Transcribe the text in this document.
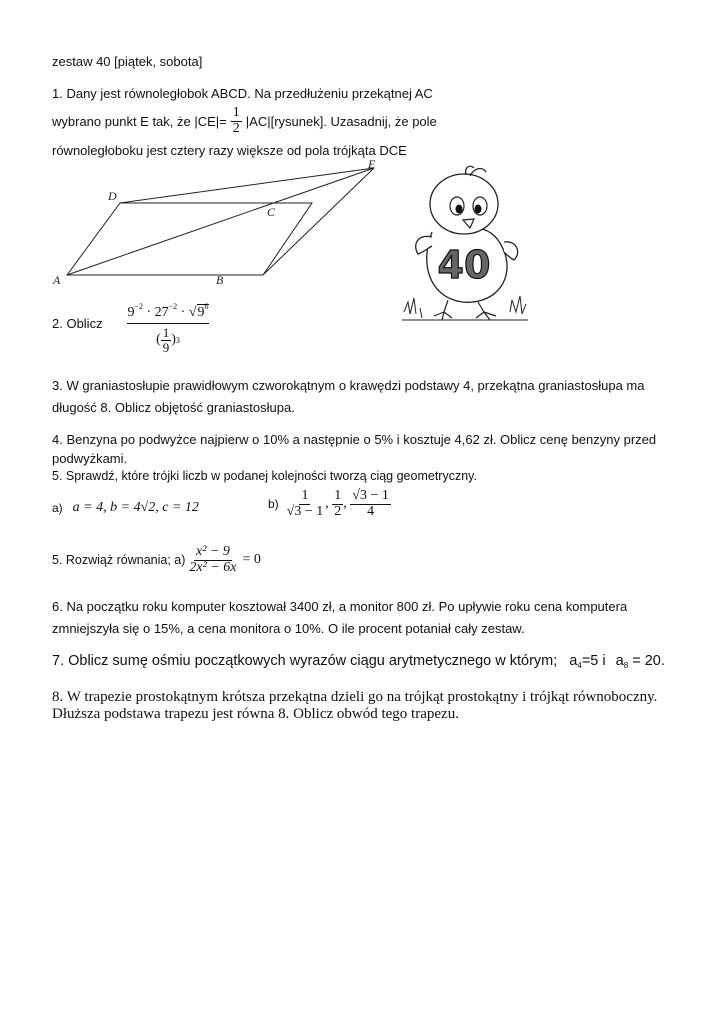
zestaw 40 [piątek, sobota]
1. Dany jest równoległobok ABCD. Na przedłużeniu przekątnej AC
wybrano punkt E tak, że $|CE|= \frac{1}{2}$ |AC|[rysunek]. Uzasadnij, że pole
równoległoboku jest cztery razy większe od pola trójkąta DCE
D
C
E
A	B	40
2. Oblicz $\frac{9^{-2} \cdot 27^{-2} \cdot √9^6}{( \frac{1}{9} ) 3}$
3. W graniastosłupie prawidłowym czworokątnym o krawędzi podstawy 4, przekątna graniastosłupa ma
długość 8. Oblicz objętość graniastosłupa.
4. Benzyna po podwyżce najpierw o 10% a następnie o 5% i kosztuje 4,62 zł. Oblicz cenę benzyny przed
podwyżkami.
5. Sprawdź, które trójki liczb w podanej kolejności tworzą ciąg geometryczny.
a) a = 4, b = 4√2, c = 12	$b) \frac{1}{√3 - 1}$ , $\frac{1}{2}$ , $\frac{√3 - 1}{4}$
5. Rozwiąż równania; $a) \frac{\text{x² − 9}}{\text{2x² − 6x}} = 0$
6. Na początku roku komputer kosztował 3400 zł, a monitor 800 zł. Po upływie roku cena komputera
zmniejszyła się o 15%, a cena monitora o 10%. O ile procent potaniał cały zestaw.
7. Oblicz sumę ośmiu początkowych wyrazów ciągu arytmetycznego w którym; $a_4=5$ i $a_8 = 20$.
8. W trapezie prostokątnym krótsza przekątna dzieli go na trójkąt prostokątny i trójkąt równoboczny.
Dłuższa podstawa trapezu jest równa 8. Oblicz obwód tego trapezu.
